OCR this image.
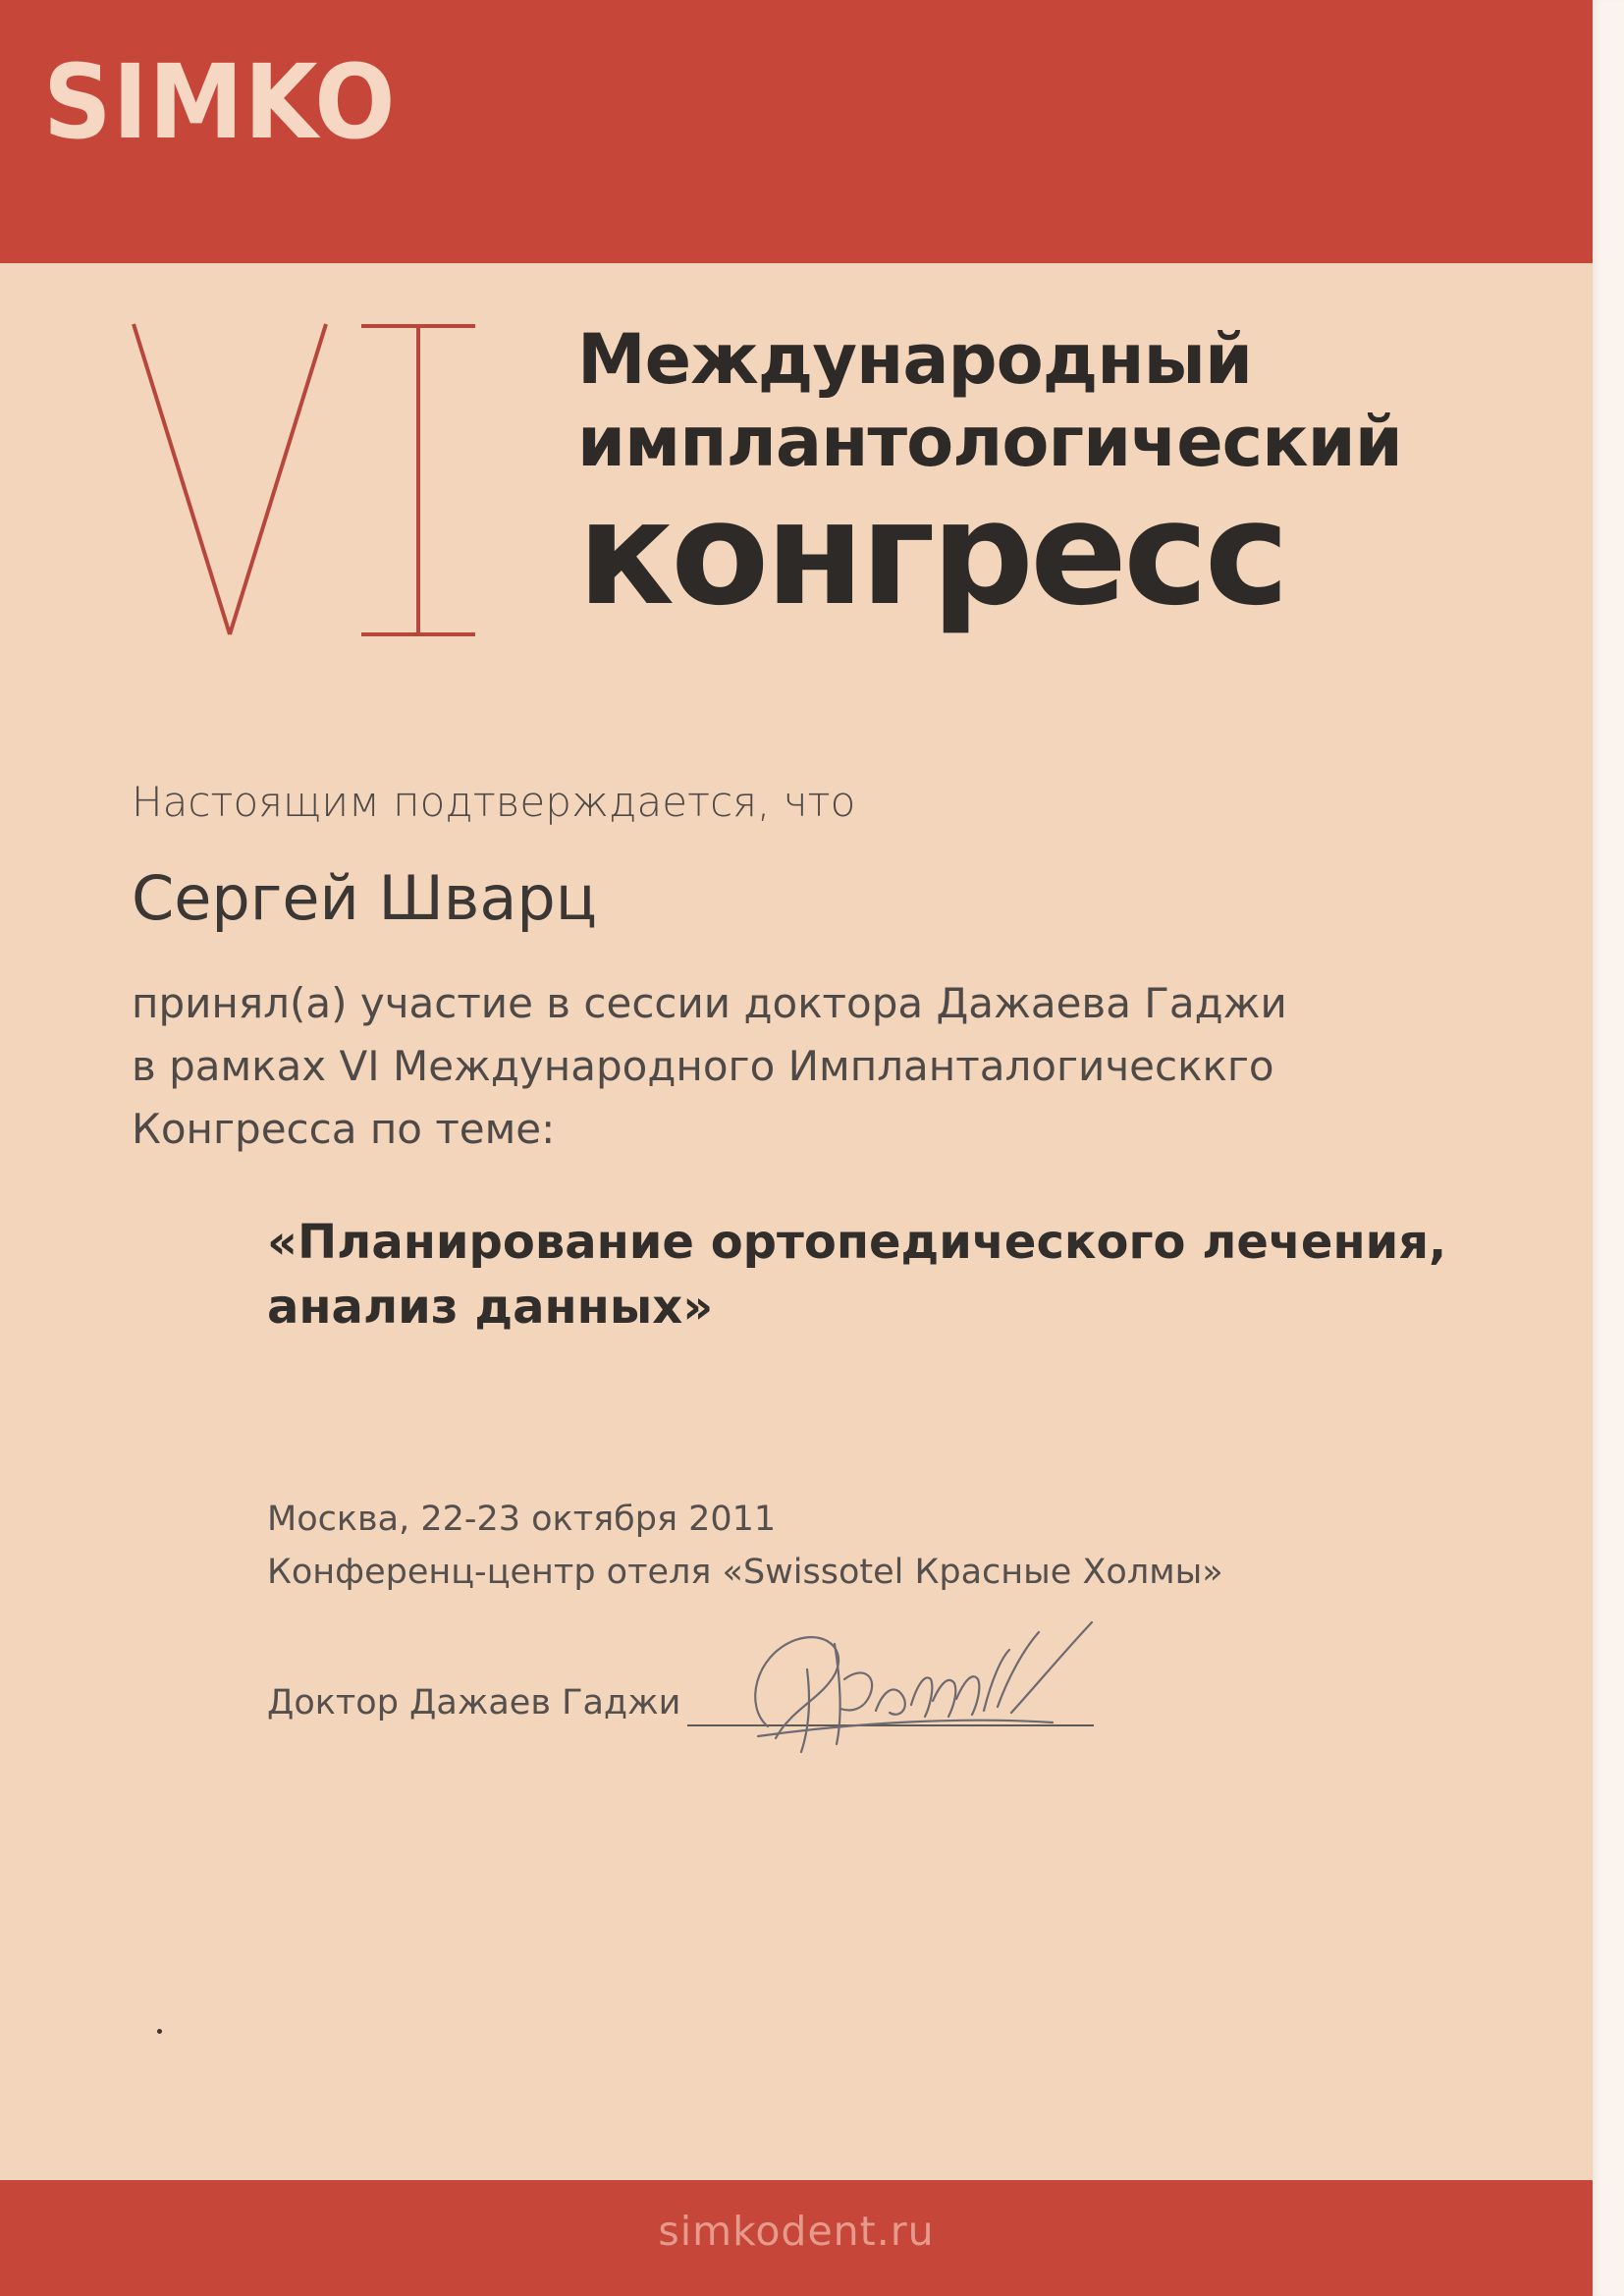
SIMKO
Международный
имплантологический
конгресс
Настоящим подтверждается, что
Сергей Шварц
принял(а) участие в сессии доктора Дажаева Гаджи
в рамках VI Международного Имплантaлогическкго
Конгресса по теме:
«Планирование ортопедического лечения,
анализ данных»
Москва, 22-23 октября 2011
Конференц-центр отеля «Swissotel Красные Холмы»
Доктор Дажаев Гаджи
simkodent.ru
